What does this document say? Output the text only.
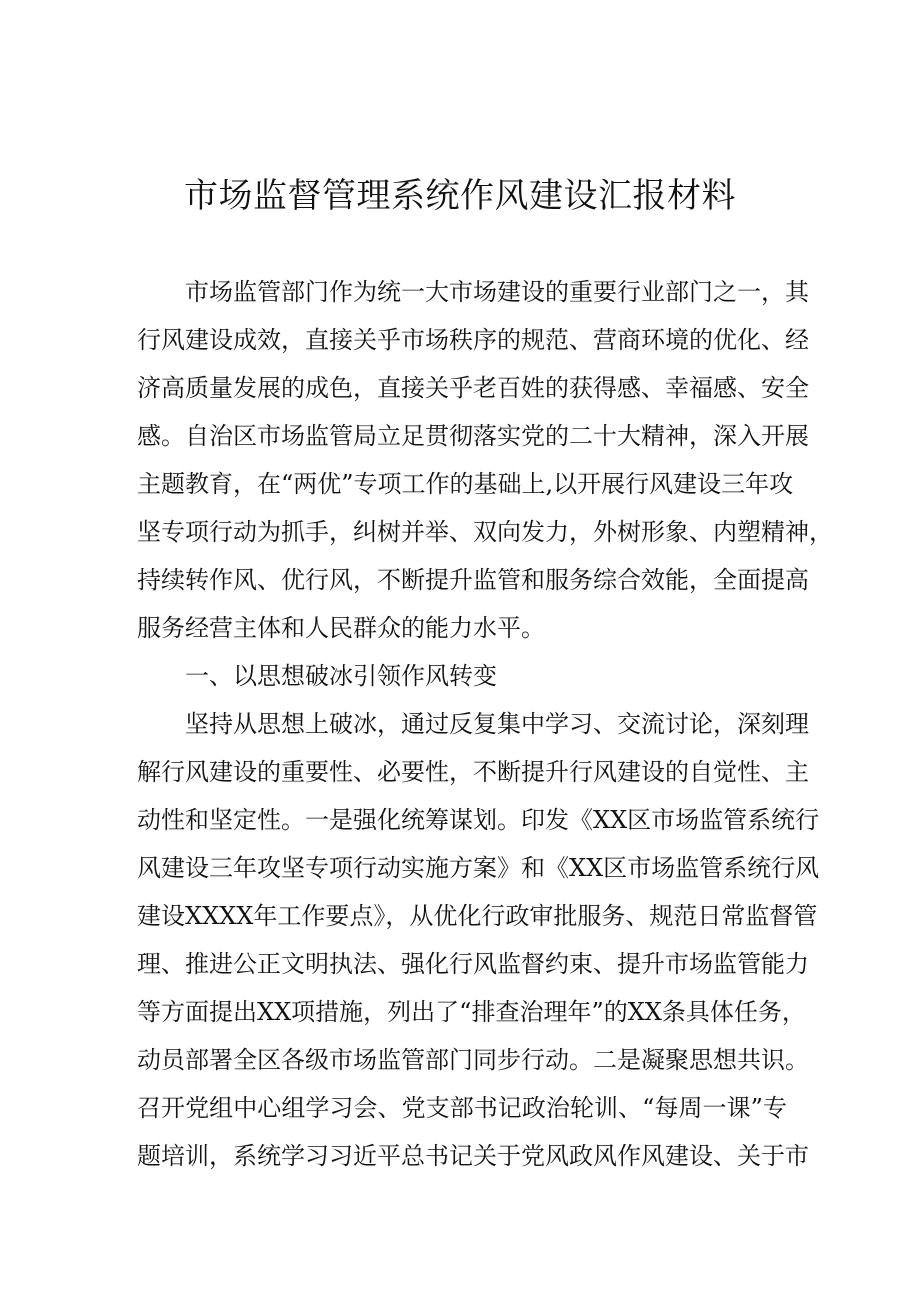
市场监督管理系统作风建设汇报材料
市场监管部门作为统一大市场建设的重要行业部门之一，其
行风建设成效，直接关乎市场秩序的规范、营商环境的优化、经
济高质量发展的成色，直接关乎老百姓的获得感、幸福感、安全
感。自治区市场监管局立足贯彻落实党的二十大精神，深入开展
主题教育，在“两优”专项工作的基础上,以开展行风建设三年攻
坚专项行动为抓手，纠树并举、双向发力，外树形象、内塑精神，
持续转作风、优行风，不断提升监管和服务综合效能，全面提高
服务经营主体和人民群众的能力水平。
一、以思想破冰引领作风转变
坚持从思想上破冰，通过反复集中学习、交流讨论，深刻理
解行风建设的重要性、必要性，不断提升行风建设的自觉性、主
动性和坚定性。一是强化统筹谋划。印发《XX区市场监管系统行
风建设三年攻坚专项行动实施方案》和《XX区市场监管系统行风
建设XXXX年工作要点》，从优化行政审批服务、规范日常监督管
理、推进公正文明执法、强化行风监督约束、提升市场监管能力
等方面提出XX项措施，列出了“排查治理年”的XX条具体任务，
动员部署全区各级市场监管部门同步行动。二是凝聚思想共识。
召开党组中心组学习会、党支部书记政治轮训、“每周一课”专
题培训，系统学习习近平总书记关于党风政风作风建设、关于市
